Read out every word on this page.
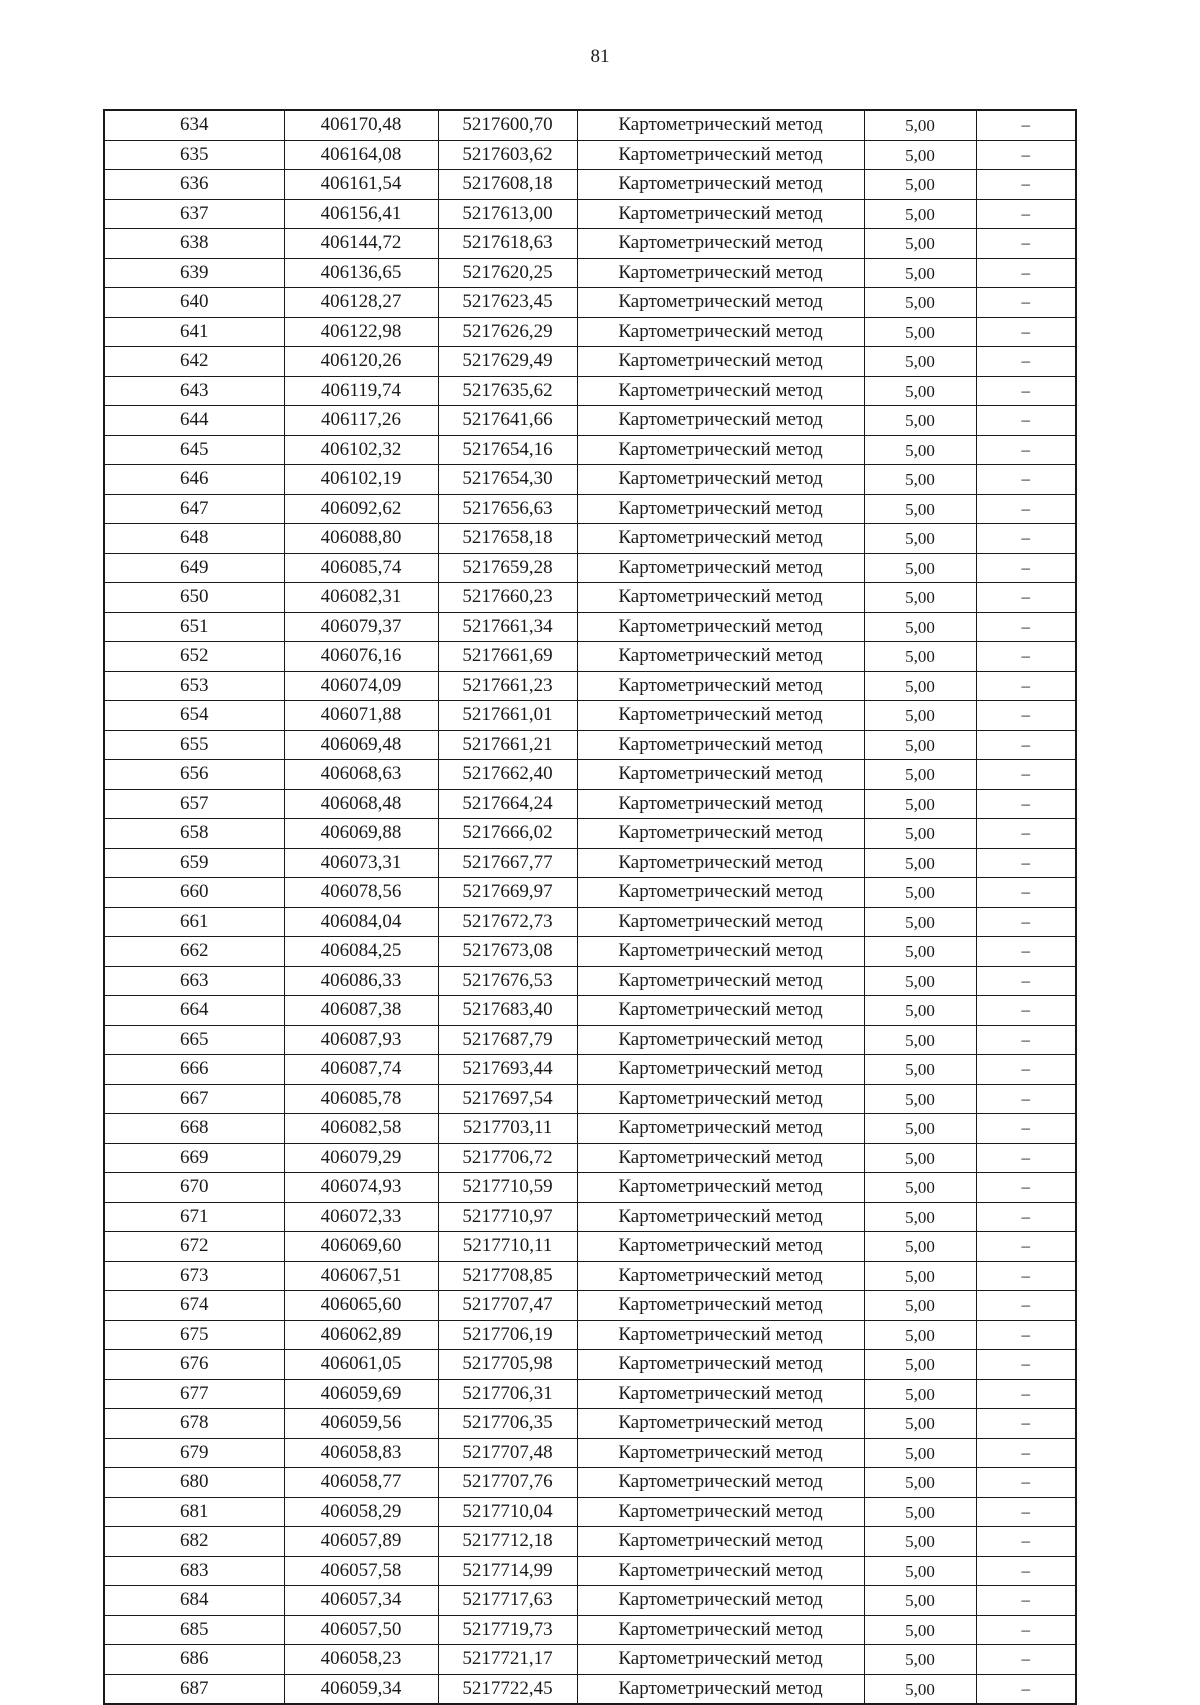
81
634	406170,48	5217600,70	Картометрический метод	5,00	–
635	406164,08	5217603,62	Картометрический метод	5,00	–
636	406161,54	5217608,18	Картометрический метод	5,00	–
637	406156,41	5217613,00	Картометрический метод	5,00	–
638	406144,72	5217618,63	Картометрический метод	5,00	–
639	406136,65	5217620,25	Картометрический метод	5,00	–
640	406128,27	5217623,45	Картометрический метод	5,00	–
641	406122,98	5217626,29	Картометрический метод	5,00	–
642	406120,26	5217629,49	Картометрический метод	5,00	–
643	406119,74	5217635,62	Картометрический метод	5,00	–
644	406117,26	5217641,66	Картометрический метод	5,00	–
645	406102,32	5217654,16	Картометрический метод	5,00	–
646	406102,19	5217654,30	Картометрический метод	5,00	–
647	406092,62	5217656,63	Картометрический метод	5,00	–
648	406088,80	5217658,18	Картометрический метод	5,00	–
649	406085,74	5217659,28	Картометрический метод	5,00	–
650	406082,31	5217660,23	Картометрический метод	5,00	–
651	406079,37	5217661,34	Картометрический метод	5,00	–
652	406076,16	5217661,69	Картометрический метод	5,00	–
653	406074,09	5217661,23	Картометрический метод	5,00	–
654	406071,88	5217661,01	Картометрический метод	5,00	–
655	406069,48	5217661,21	Картометрический метод	5,00	–
656	406068,63	5217662,40	Картометрический метод	5,00	–
657	406068,48	5217664,24	Картометрический метод	5,00	–
658	406069,88	5217666,02	Картометрический метод	5,00	–
659	406073,31	5217667,77	Картометрический метод	5,00	–
660	406078,56	5217669,97	Картометрический метод	5,00	–
661	406084,04	5217672,73	Картометрический метод	5,00	–
662	406084,25	5217673,08	Картометрический метод	5,00	–
663	406086,33	5217676,53	Картометрический метод	5,00	–
664	406087,38	5217683,40	Картометрический метод	5,00	–
665	406087,93	5217687,79	Картометрический метод	5,00	–
666	406087,74	5217693,44	Картометрический метод	5,00	–
667	406085,78	5217697,54	Картометрический метод	5,00	–
668	406082,58	5217703,11	Картометрический метод	5,00	–
669	406079,29	5217706,72	Картометрический метод	5,00	–
670	406074,93	5217710,59	Картометрический метод	5,00	–
671	406072,33	5217710,97	Картометрический метод	5,00	–
672	406069,60	5217710,11	Картометрический метод	5,00	–
673	406067,51	5217708,85	Картометрический метод	5,00	–
674	406065,60	5217707,47	Картометрический метод	5,00	–
675	406062,89	5217706,19	Картометрический метод	5,00	–
676	406061,05	5217705,98	Картометрический метод	5,00	–
677	406059,69	5217706,31	Картометрический метод	5,00	–
678	406059,56	5217706,35	Картометрический метод	5,00	–
679	406058,83	5217707,48	Картометрический метод	5,00	–
680	406058,77	5217707,76	Картометрический метод	5,00	–
681	406058,29	5217710,04	Картометрический метод	5,00	–
682	406057,89	5217712,18	Картометрический метод	5,00	–
683	406057,58	5217714,99	Картометрический метод	5,00	–
684	406057,34	5217717,63	Картометрический метод	5,00	–
685	406057,50	5217719,73	Картометрический метод	5,00	–
686	406058,23	5217721,17	Картометрический метод	5,00	–
687	406059,34	5217722,45	Картометрический метод	5,00	–
